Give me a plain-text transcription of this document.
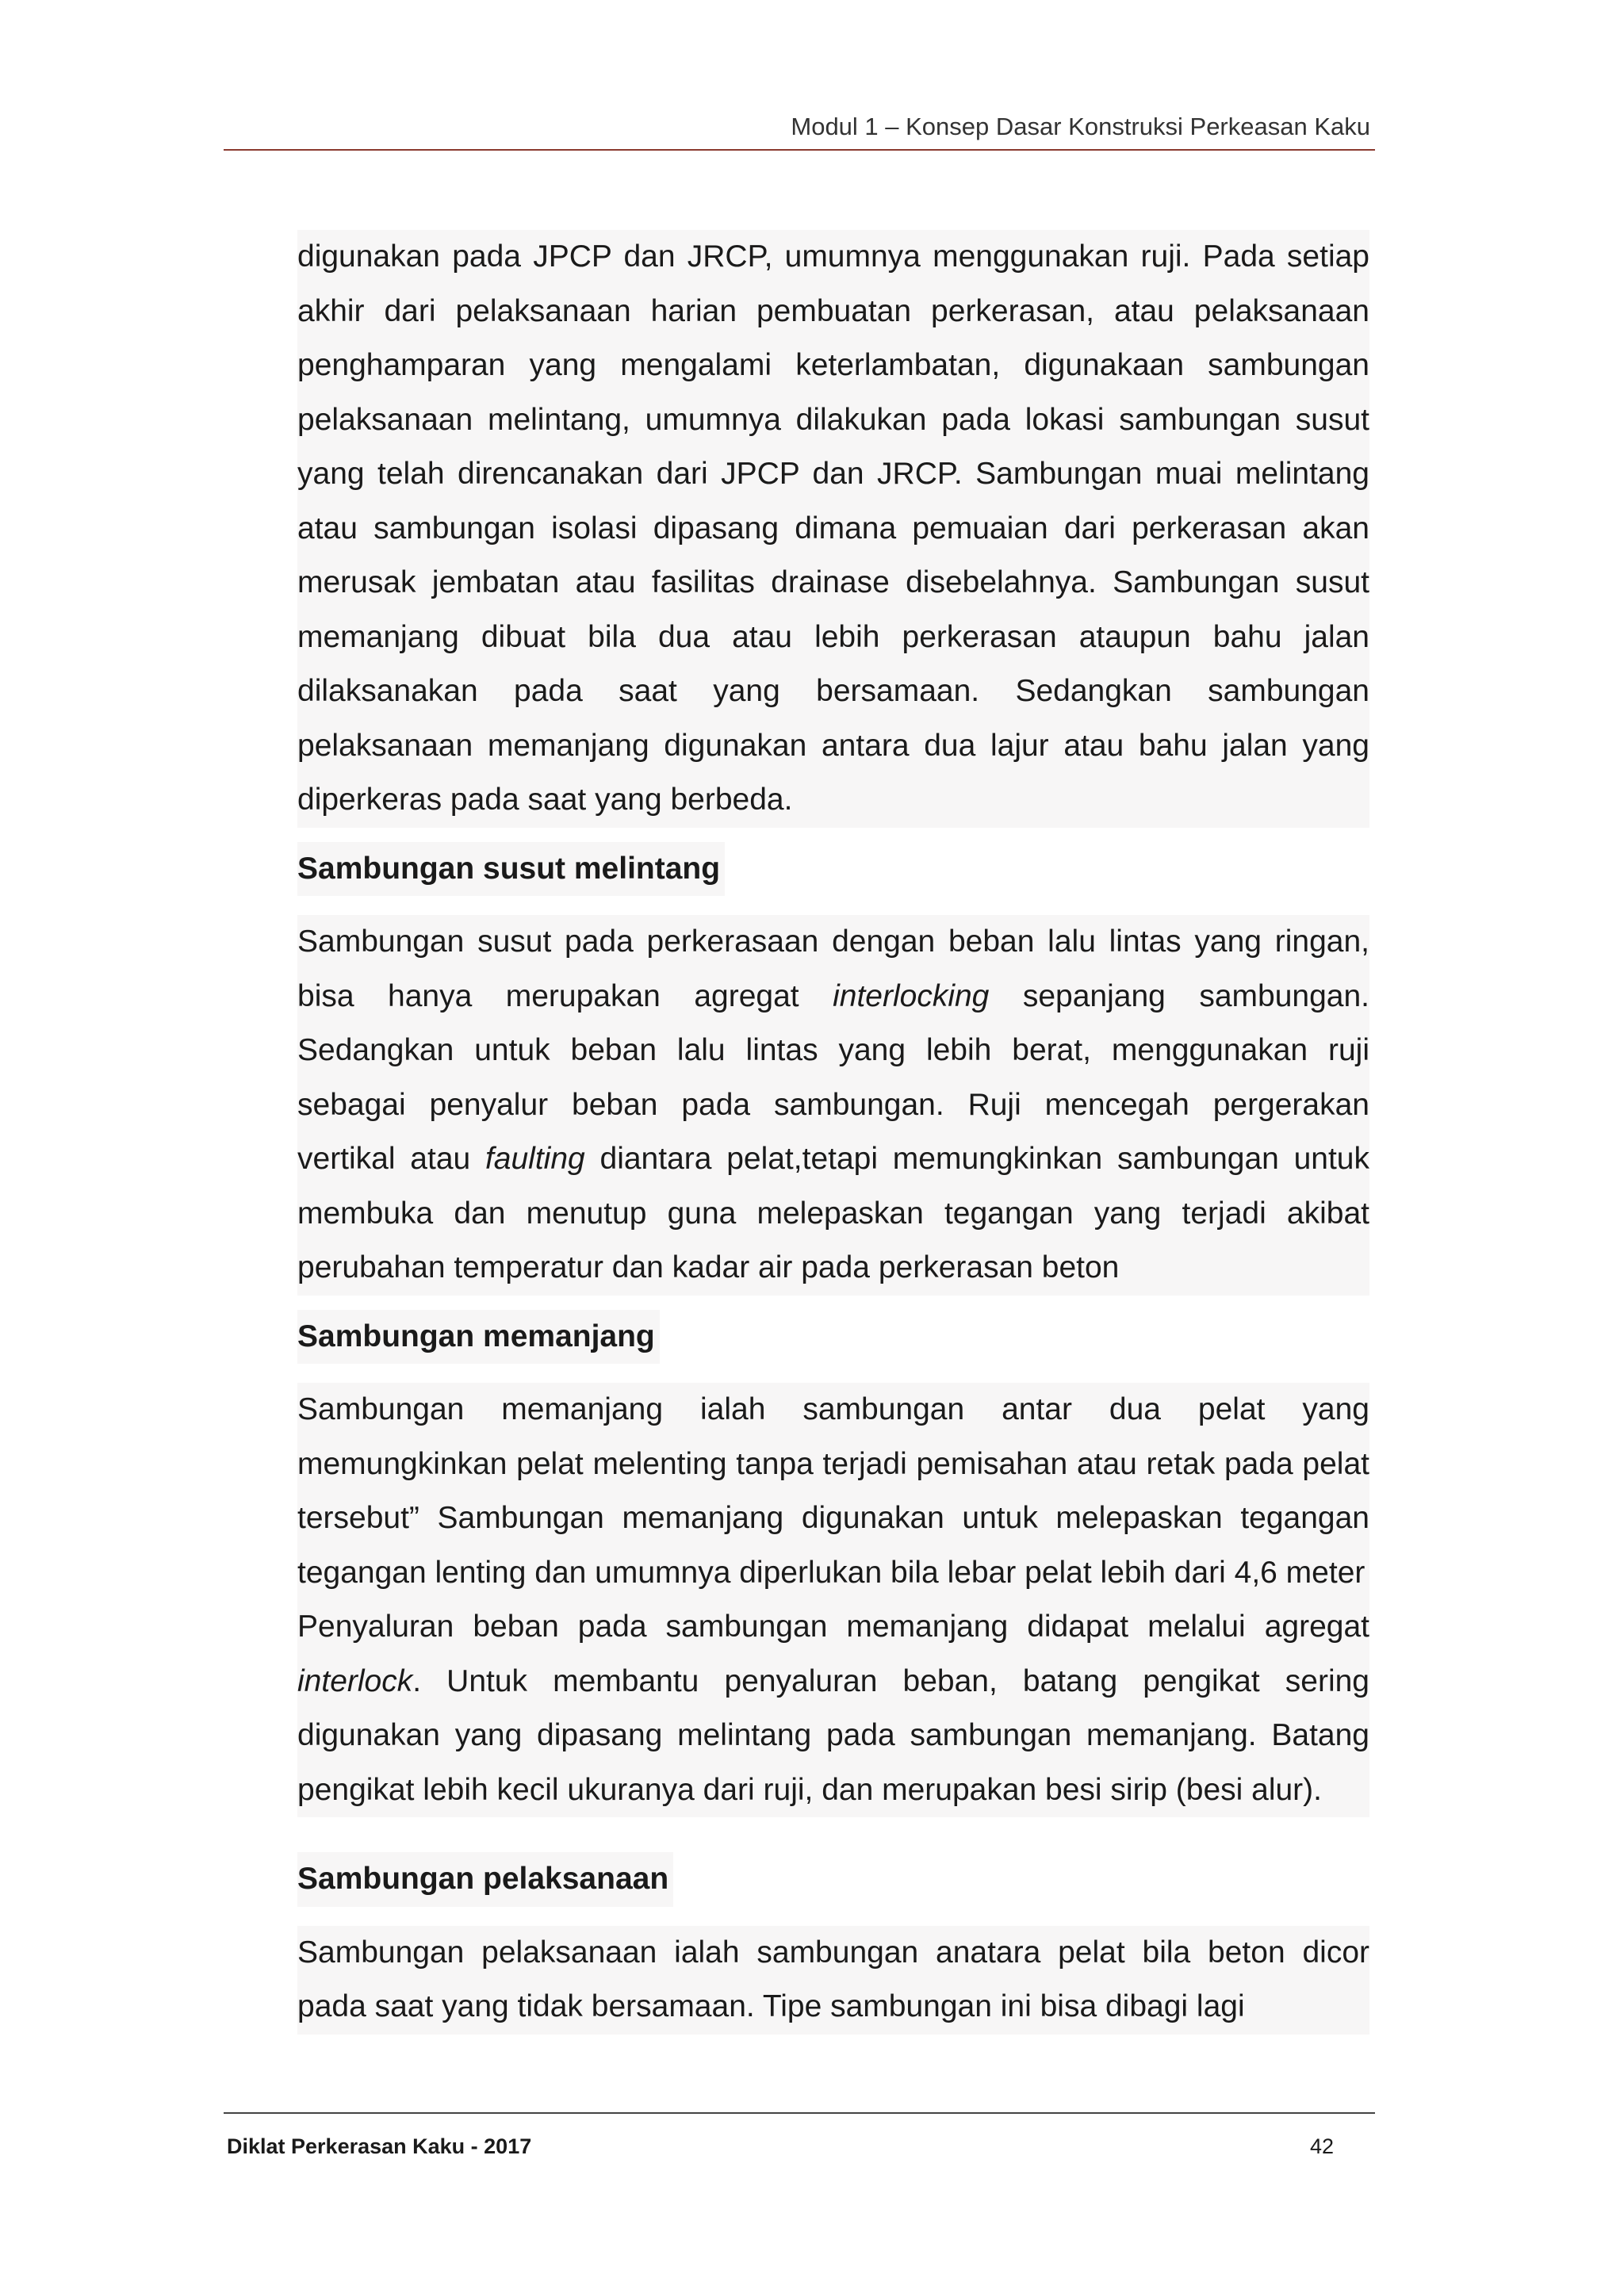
Modul 1 – Konsep Dasar Konstruksi Perkeasan Kaku

digunakan pada JPCP dan JRCP, umumnya menggunakan ruji. Pada setiap akhir dari pelaksanaan harian pembuatan perkerasan, atau pelaksanaan penghamparan yang mengalami keterlambatan, digunakaan sambungan pelaksanaan melintang, umumnya dilakukan pada lokasi sambungan susut yang telah direncanakan dari JPCP dan JRCP. Sambungan muai melintang atau sambungan isolasi dipasang dimana pemuaian dari perkerasan akan merusak jembatan atau fasilitas drainase disebelahnya. Sambungan susut memanjang dibuat bila dua atau lebih perkerasan ataupun bahu jalan dilaksanakan pada saat yang bersamaan. Sedangkan sambungan pelaksanaan memanjang digunakan antara dua lajur atau bahu jalan yang diperkeras pada saat yang berbeda.

Sambungan susut melintang

Sambungan susut pada perkerasaan dengan beban lalu lintas yang ringan, bisa hanya merupakan agregat interlocking sepanjang sambungan. Sedangkan untuk beban lalu lintas yang lebih berat, menggunakan ruji sebagai penyalur beban pada sambungan. Ruji mencegah pergerakan vertikal atau faulting diantara pelat,tetapi memungkinkan sambungan untuk membuka dan menutup guna melepaskan tegangan yang terjadi akibat perubahan temperatur dan kadar air pada perkerasan beton

Sambungan memanjang

Sambungan memanjang ialah sambungan antar dua pelat yang memungkinkan pelat melenting tanpa terjadi pemisahan atau retak pada pelat tersebut” Sambungan memanjang digunakan untuk melepaskan tegangan tegangan lenting dan umumnya diperlukan bila lebar pelat lebih dari 4,6 meter

Penyaluran beban pada sambungan memanjang didapat melalui agregat interlock. Untuk membantu penyaluran beban, batang pengikat sering digunakan yang dipasang melintang pada sambungan memanjang. Batang pengikat lebih kecil ukuranya dari ruji, dan merupakan besi sirip (besi alur).

Sambungan pelaksanaan

Sambungan pelaksanaan ialah sambungan anatara pelat bila beton dicor pada saat yang tidak bersamaan. Tipe sambungan ini bisa dibagi lagi

Diklat Perkerasan Kaku - 2017	42
